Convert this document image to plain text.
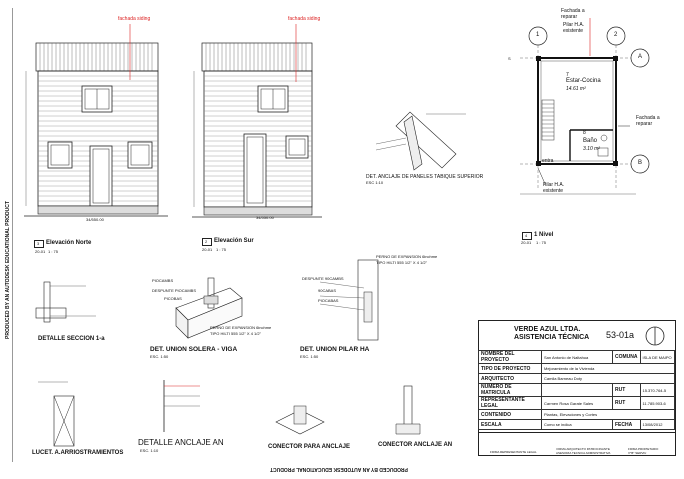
PRODUCED BY AN AUTODESK EDUCATIONAL PRODUCT
PRODUCED BY AN AUTODESK EDUCATIONAL PRODUCT
fachada siding
34/550.00
3 Elevación Norte
20-01 1 : 75
fachada siding
34/550.00
2 Elevación Sur
20-01 1 : 75
DET. ANCLAJE DE PANELES TABIQUE SUPERIOR
ESC 1:10
1	2
A
B
S
Fachada a
reparar
Pilar H.A.
existente
Fachada a
reparar
Pilar H.A.
existente
7
Estar-Cocina
14.61 m²
8
Baño
3.10 m²
entra
4 1 Nivel
20-01 1 : 75
DETALLE SECCION 1-a
PIOCAMBS
DESPUNTE PIOCAMBS
PICOBAS
PERNO DE EXPANSION 6inchme
TIPO HILTI 555 1/2" X 4 1/2"
DET. UNION SOLERA - VIGA
ESC. 1:50
PERNO DE EXPANSION 6inchme
TIPO HILTI 555 1/2" X 4 1/2"
DESPUNTE 90CAMBS
90CABAS
PIOCABAS
DET. UNION PILAR HA
ESC. 1:50
LUCET. A.ARRIOSTRAMIENTOS
DETALLE ANCLAJE AN
ESC. 1:10
CONECTOR PARA ANCLAJE	CONECTOR ANCLAJE AN
VERDE AZUL LTDA.
ASISTENCIA TÉCNICA 53-01a
NOMBRE DEL PROYECTO	San Antonio de Naltahua	COMUNA	ISLA DE MAIPO
TIPO DE PROYECTO	Mejoramiento de la Vivienda		
ARQUITECTO	Camila Barneau Doty		
NUMERO DE MATRICULA		RUT	15.370.764-5
REPRESENTANTE LEGAL	Carmen Rosa Garate Sales	RUT	11.785.903-6
CONTENIDO	Plantas, Elevaciones y Cortes		
ESCALA	Como se indica	FECHA	13/08/2012
FIRMA REPRESENTANTE LEGAL
FIRMA ARQUITECTO PATROCINANTE
ASESORIA TECNICA ADMINISTRATIVA
FIRMA PROPIETARIO
V°B° SERVIU
